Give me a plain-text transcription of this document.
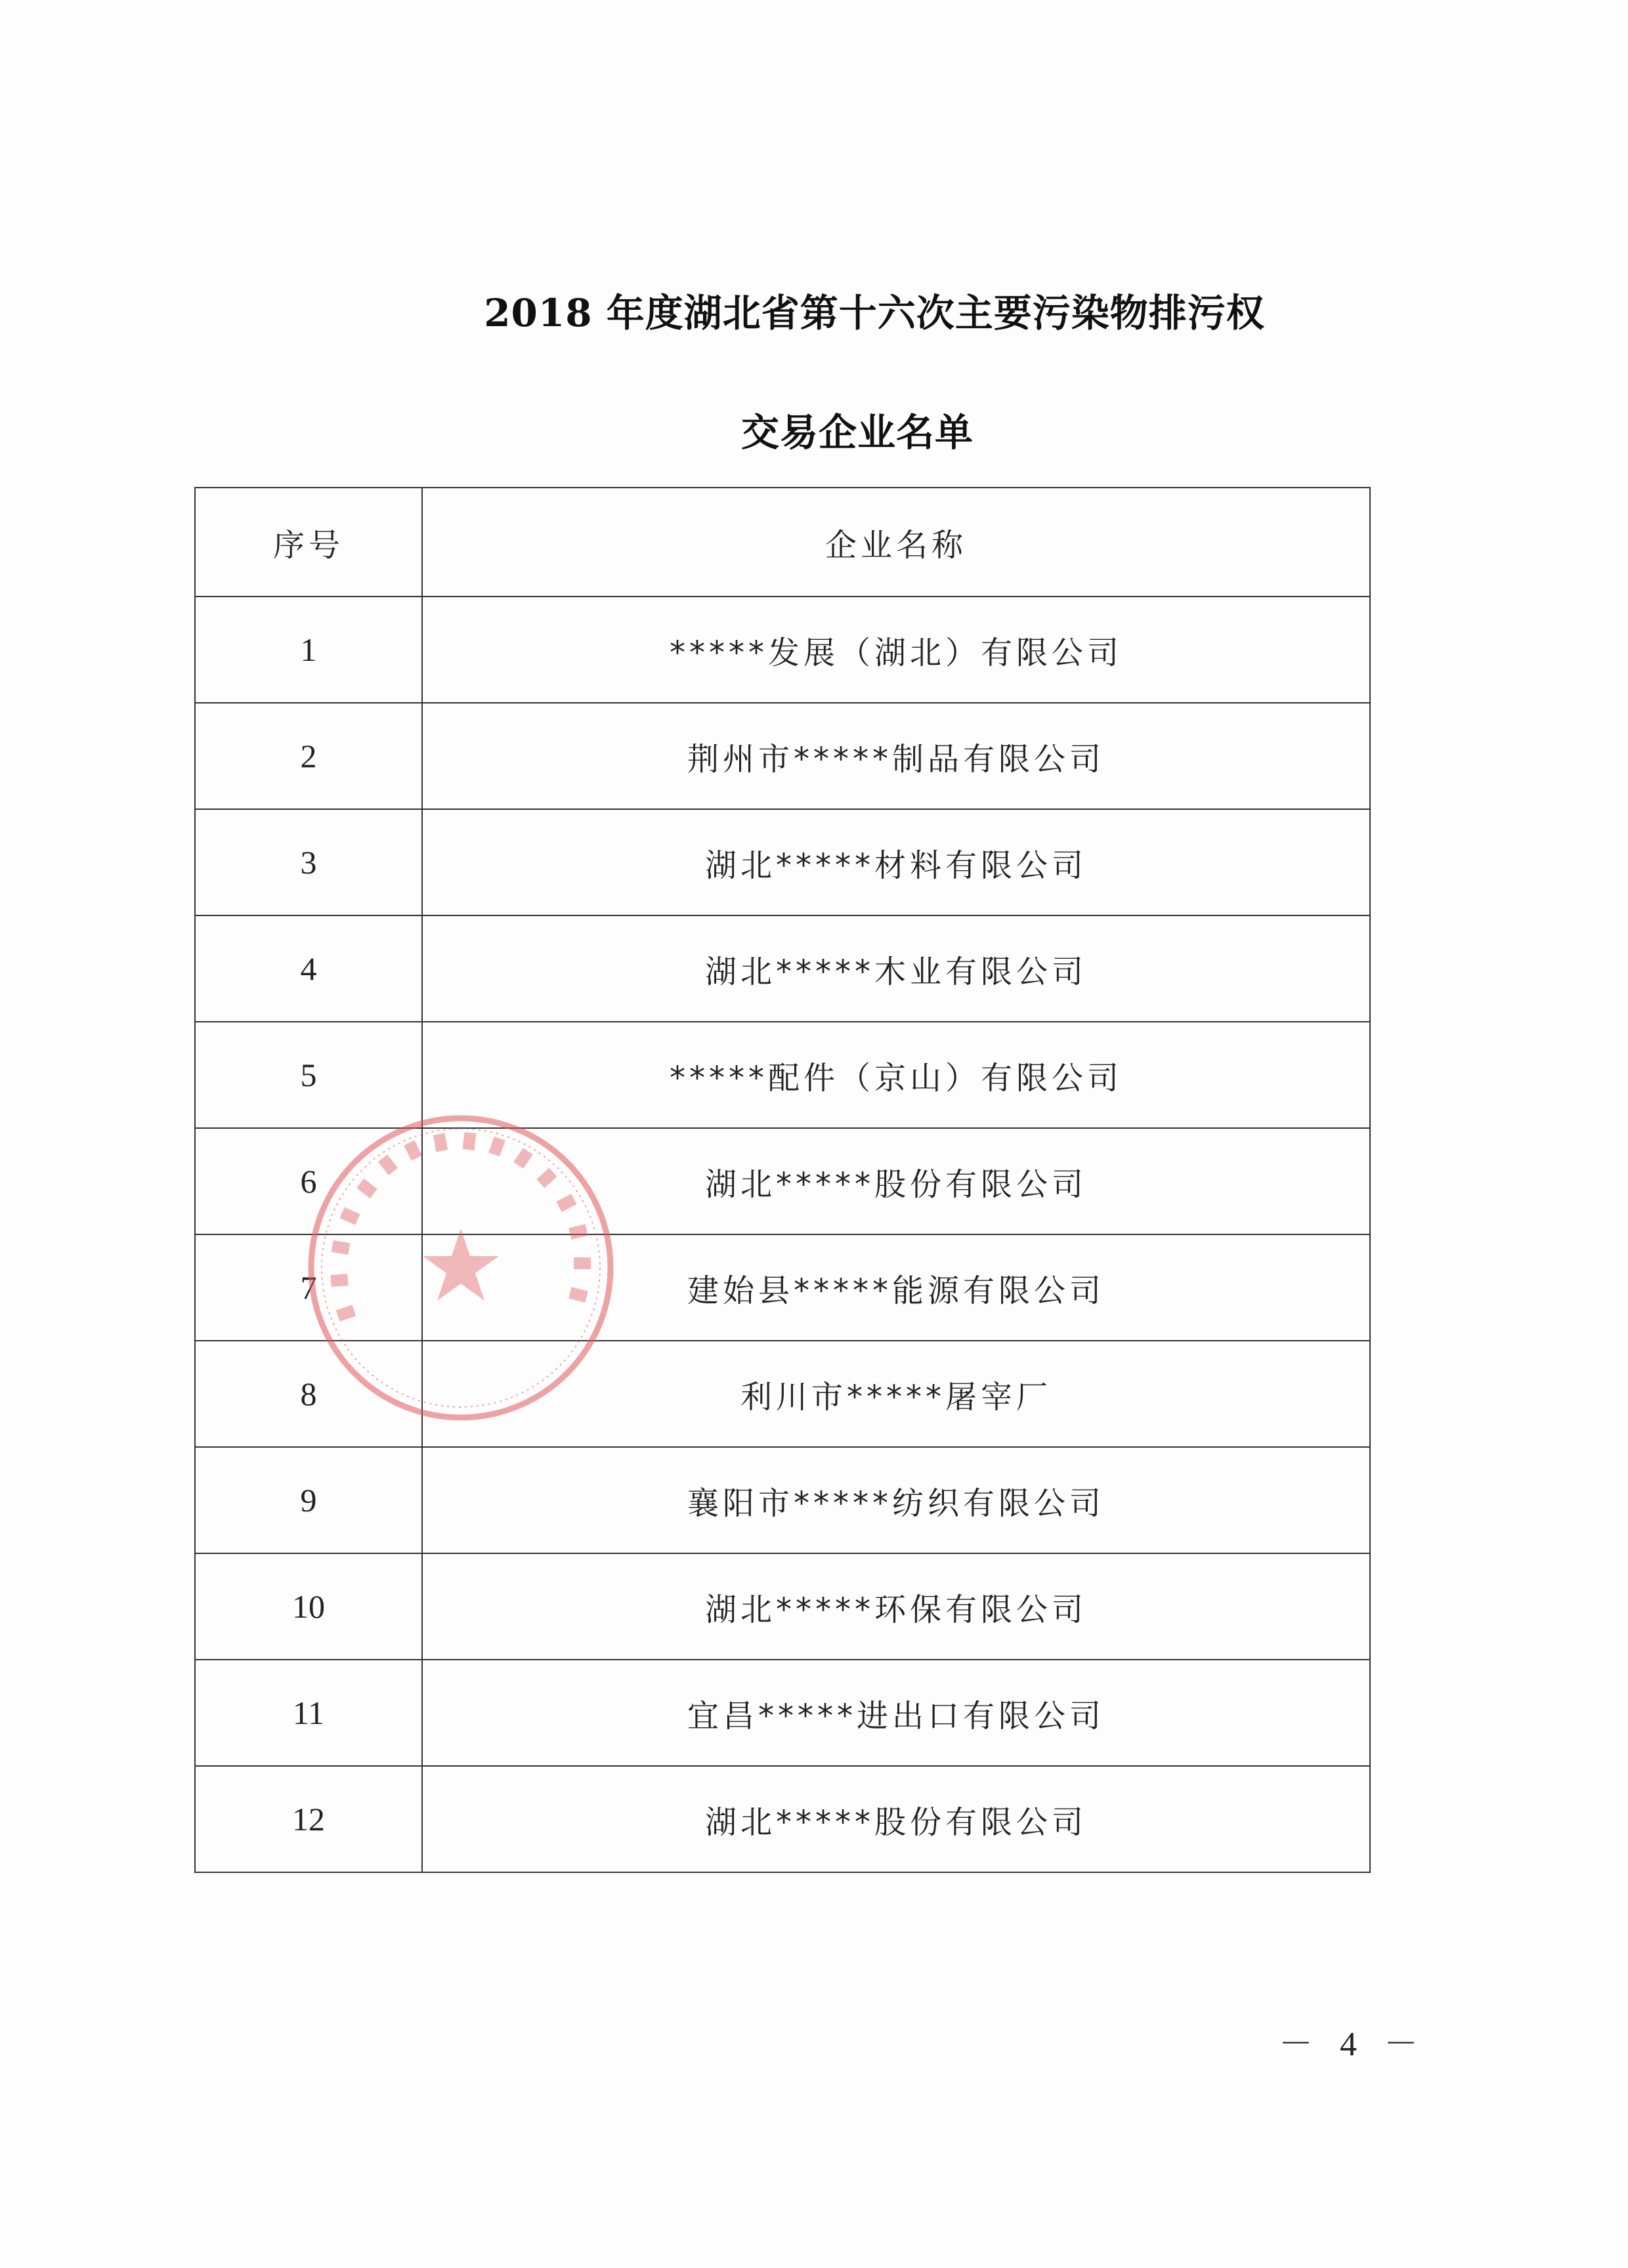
2018 年度湖北省第十六次主要污染物排污权
交易企业名单
序号	企业名称
1	*****发展（湖北）有限公司
2	荆州市*****制品有限公司
3	湖北*****材料有限公司
4	湖北*****木业有限公司
5	*****配件（京山）有限公司
6	湖北*****股份有限公司
7	建始县*****能源有限公司
8	利川市*****屠宰厂
9	襄阳市*****纺织有限公司
10	湖北*****环保有限公司
11	宜昌*****进出口有限公司
12	湖北*****股份有限公司
－ 4 －
